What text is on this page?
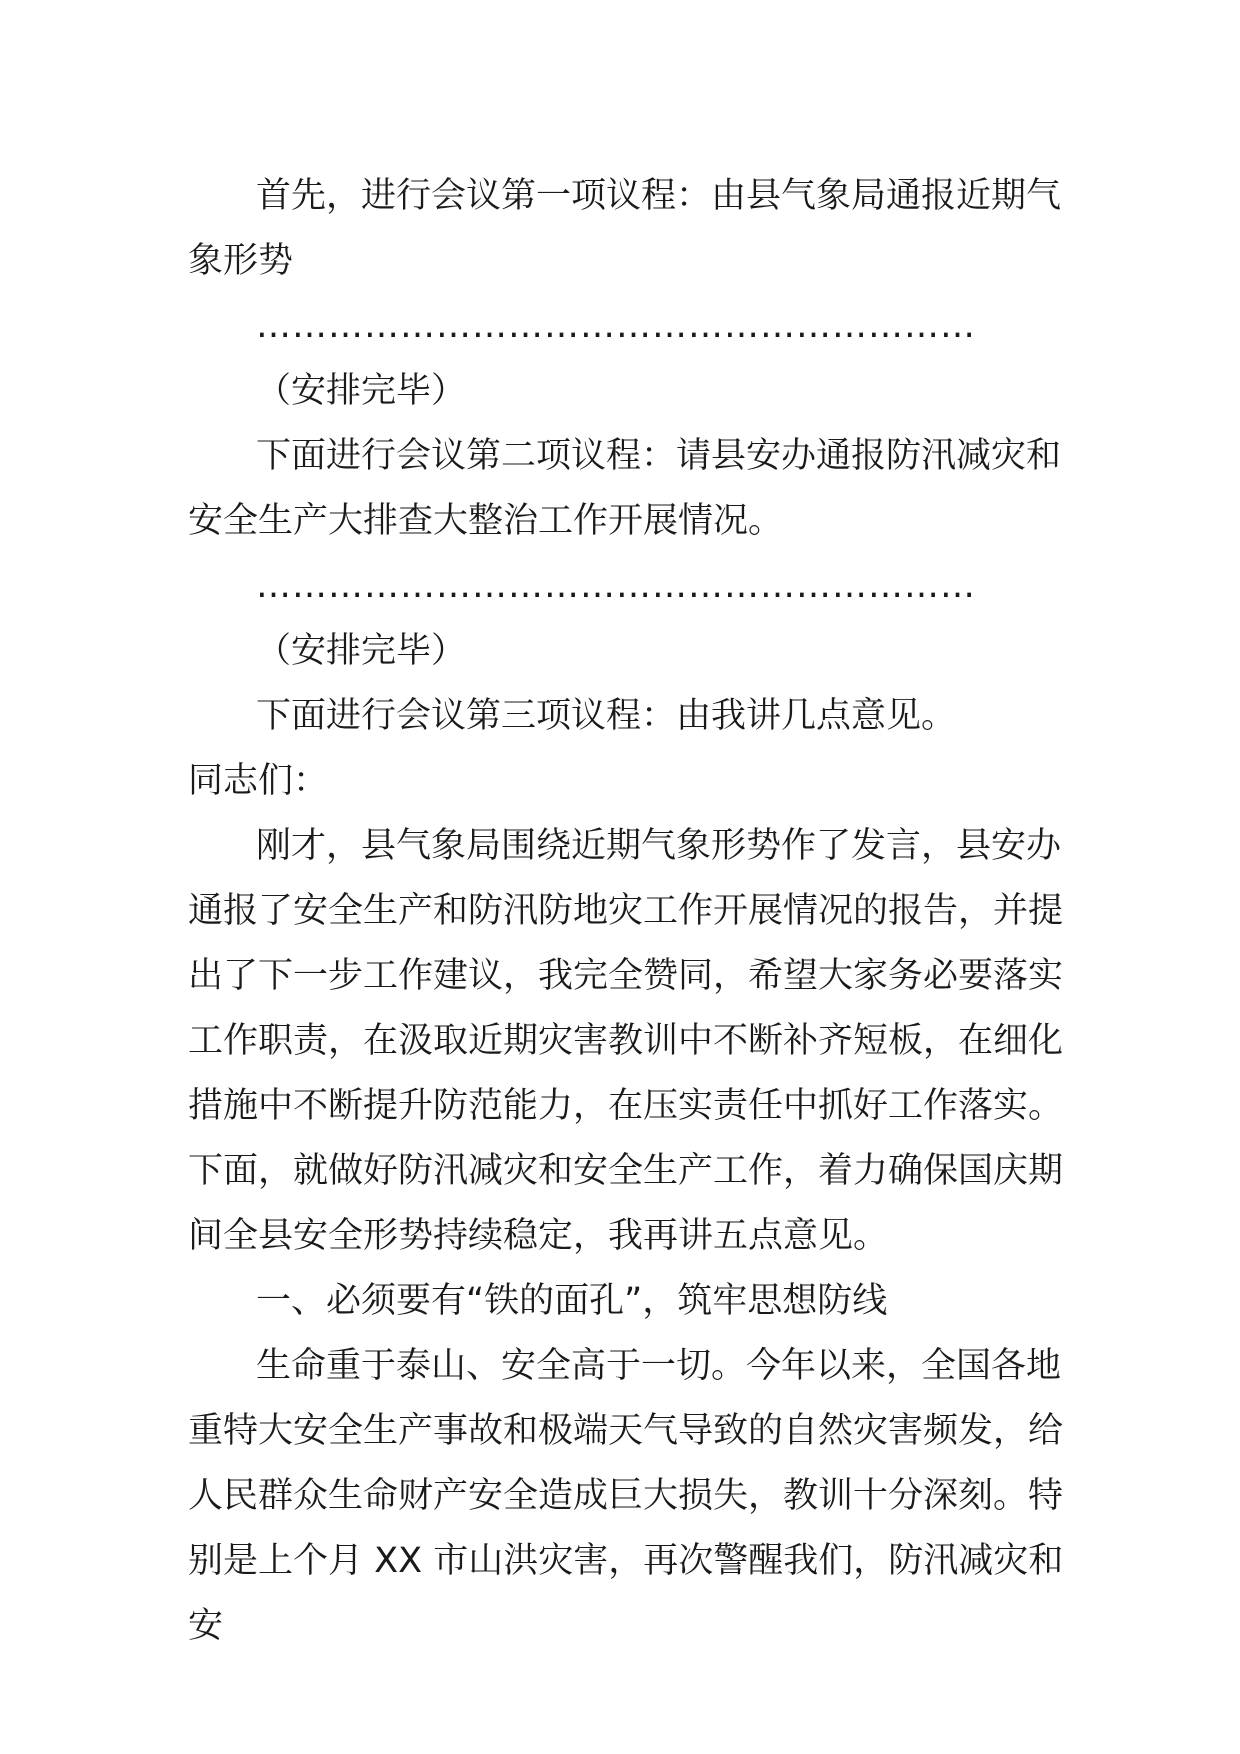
首先，进行会议第一项议程：由县气象局通报近期气象形势

……………………………………………………

（安排完毕）

下面进行会议第二项议程：请县安办通报防汛减灾和安全生产大排查大整治工作开展情况。

……………………………………………………

（安排完毕）

下面进行会议第三项议程：由我讲几点意见。

同志们：

刚才，县气象局围绕近期气象形势作了发言，县安办通报了安全生产和防汛防地灾工作开展情况的报告，并提出了下一步工作建议，我完全赞同，希望大家务必要落实工作职责，在汲取近期灾害教训中不断补齐短板，在细化措施中不断提升防范能力，在压实责任中抓好工作落实。下面，就做好防汛减灾和安全生产工作，着力确保国庆期间全县安全形势持续稳定，我再讲五点意见。

一、必须要有“铁的面孔”，筑牢思想防线

生命重于泰山、安全高于一切。今年以来，全国各地重特大安全生产事故和极端天气导致的自然灾害频发，给人民群众生命财产安全造成巨大损失，教训十分深刻。特别是上个月 XX 市山洪灾害，再次警醒我们，防汛减灾和安
